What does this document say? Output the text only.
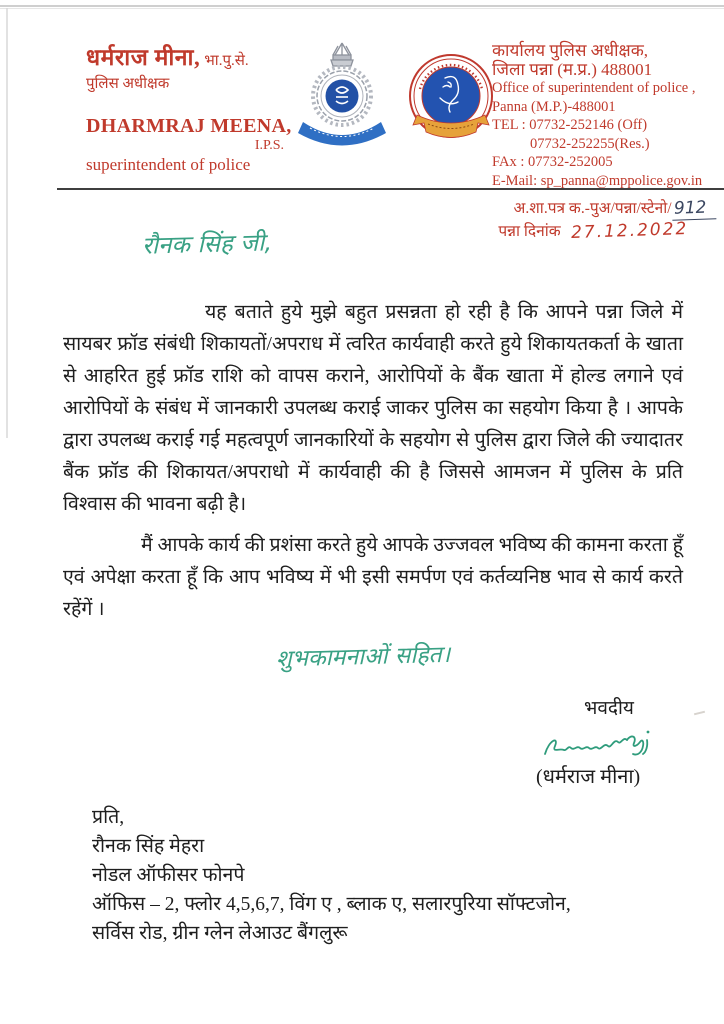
धर्मराज मीना, भा.पु.से.
पुलिस अधीक्षक
DHARMRAJ MEENA,
I.P.S.
superintendent of police
कार्यालय पुलिस अधीक्षक,
जिला पन्ना (म.प्र.) 488001
Office of superintendent of police ,
Panna (M.P.)-488001
TEL : 07732-252146 (Off)
07732-252255(Res.)
FAx : 07732-252005
E-Mail: sp_panna@mppolice.gov.in
अ.शा.पत्र क.-पुअ/पन्ना/स्टेनो/912
पन्ना दिनांक 27.12.2022
रौनक सिंह जी,

यह बताते हुये मुझे बहुत प्रसन्नता हो रही है कि आपने पन्ना जिले में सायबर फ्रॉड संबंधी शिकायतों/अपराध में त्वरित कार्यवाही करते हुये शिकायतकर्ता के खाता से आहरित हुई फ्रॉड राशि को वापस कराने, आरोपियों के बैंक खाता में होल्ड लगाने एवं आरोपियों के संबंध में जानकारी उपलब्ध कराई जाकर पुलिस का सहयोग किया है । आपके द्वारा उपलब्ध कराई गई महत्वपूर्ण जानकारियों के सहयोग से पुलिस द्वारा जिले की ज्यादातर बैंक फ्रॉड की शिकायत/अपराधो में कार्यवाही की है जिससे आमजन में पुलिस के प्रति विश्वास की भावना बढ़ी है।

मैं आपके कार्य की प्रशंसा करते हुये आपके उज्जवल भविष्य की कामना करता हूँ एवं अपेक्षा करता हूँ कि आप भविष्य में भी इसी समर्पण एवं कर्तव्यनिष्ठ भाव से कार्य करते रहेंगें ।

शुभकामनाओं सहित।
भवदीय
(धर्मराज मीना)
प्रति,
रौनक सिंह मेहरा
नोडल ऑफीसर फोनपे
ऑफिस – 2, फ्लोर 4,5,6,7, विंग ए , ब्लाक ए, सलारपुरिया सॉफ्टजोन,
सर्विस रोड, ग्रीन ग्लेन लेआउट बैंगलुरू
